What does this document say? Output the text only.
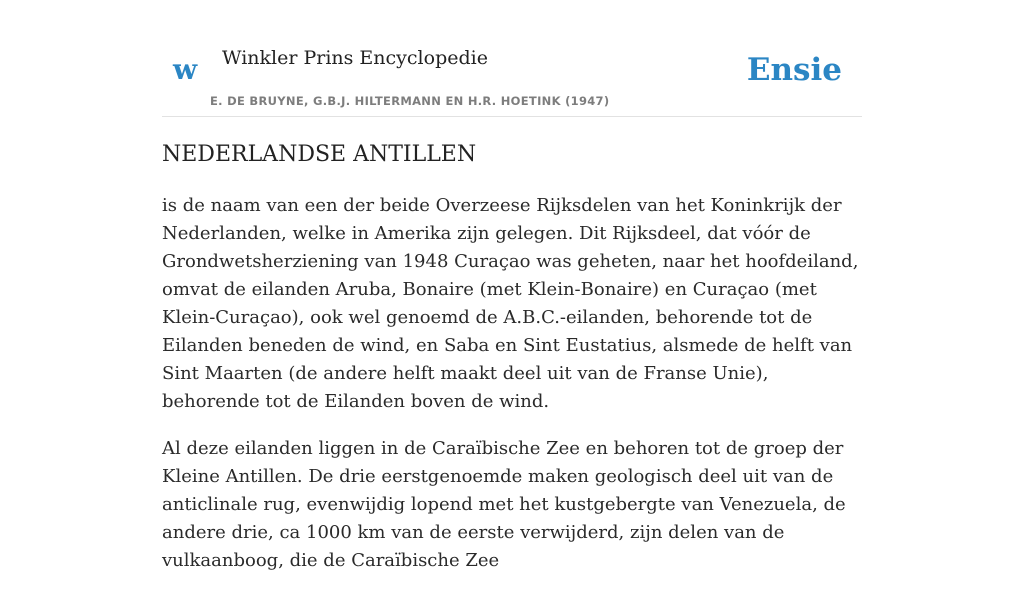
w Winkler Prins Encyclopedie
E. DE BRUYNE, G.B.J. HILTERMANN EN H.R. HOETINK (1947)
Ensie
NEDERLANDSE ANTILLEN

is de naam van een der beide Overzeese Rijksdelen van het Koninkrijk der Nederlanden, welke in Amerika zijn gelegen. Dit Rijksdeel, dat vóór de Grondwetsherziening van 1948 Curaçao was geheten, naar het hoofdeiland, omvat de eilanden Aruba, Bonaire (met Klein-Bonaire) en Curaçao (met Klein-Curaçao), ook wel genoemd de A.B.C.-eilanden, behorende tot de Eilanden beneden de wind, en Saba en Sint Eustatius, alsmede de helft van Sint Maarten (de andere helft maakt deel uit van de Franse Unie), behorende tot de Eilanden boven de wind.

Al deze eilanden liggen in de Caraïbische Zee en behoren tot de groep der Kleine Antillen. De drie eerstgenoemde maken geologisch deel uit van de anticlinale rug, evenwijdig lopend met het kustgebergte van Venezuela, de andere drie, ca 1000 km van de eerste verwijderd, zijn delen van de vulkaanboog, die de Caraïbische Zee
